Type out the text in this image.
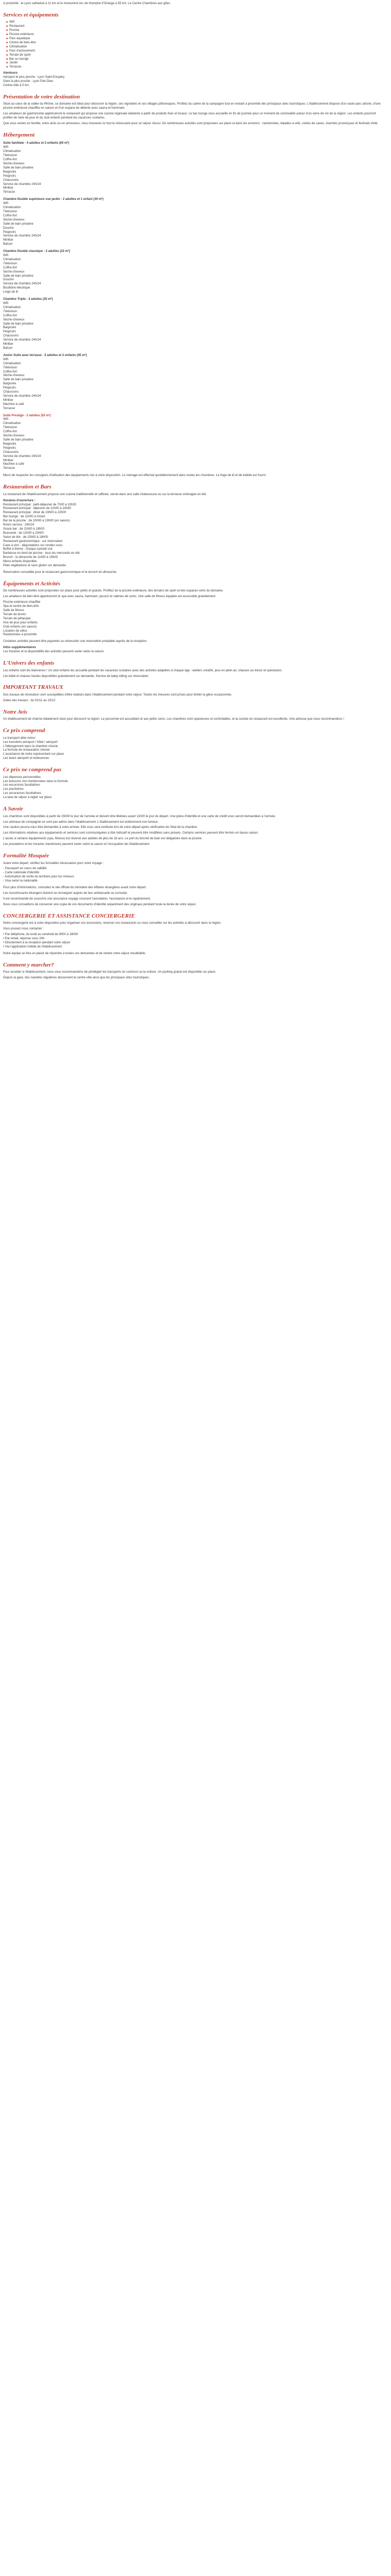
A proximité : le Lyon cathedral à 11 km et le monument Arc de triomphe d’Orange à 55 km. Le Centre Chambres aux gîtes
Services et équipements
■ Wifi
■ Restaurant
■ Piscine
■ Piscine extérieure
■ Parc aquatique
■ Centre de bien-être
■ Climatisation
■ Parc d'amusement
■ Terrain de sport
■ Bar ou lounge
■ Jardin
■ Terrasse
Alentours
Aéroport le plus proche : Lyon Saint-Exupéry
Gare la plus proche : Lyon Part-Dieu
Centre-ville à 5 km
Présentation de votre destination
Situé au cœur de la vallée du Rhône, ce domaine est idéal pour découvrir la région, ses vignobles et ses villages pittoresques. Profitez du calme de la campagne tout en restant à proximité des principaux sites touristiques. L'établissement dispose d'un vaste parc arboré, d'une piscine extérieure chauffée en saison et d'un espace de détente avec sauna et hammam.
Les amateurs de gastronomie apprécieront le restaurant qui propose une cuisine régionale élaborée à partir de produits frais et locaux. Le bar lounge vous accueille en fin de journée pour un moment de convivialité autour d'un verre de vin de la région. Les enfants pourront profiter de l'aire de jeux et du club enfants pendant les vacances scolaires.
Que vous veniez en famille, entre amis ou en amoureux, vous trouverez ici tout le nécessaire pour un séjour réussi. De nombreuses activités sont proposées sur place et dans les environs : randonnées, balades à vélo, visites de caves, marchés provençaux et festivals d'été.
Hébergement
Suite familiale - 4 adultes et 2 enfants (60 m²)
Wifi
Climatisation
Télévision
Coffre-fort
Sèche-cheveux
Salle de bain privative
Baignoire
Peignoirs
Chaussons
Service de chambre 24h/24
Minibar
Terrasse
Chambre Double supérieure vue jardin - 2 adultes et 1 enfant (30 m²)
Wifi
Climatisation
Télévision
Coffre-fort
Sèche-cheveux
Salle de bain privative
Douche
Peignoirs
Service de chambre 24h/24
Minibar
Balcon
Chambre Double classique - 2 adultes (22 m²)
Wifi
Climatisation
Télévision
Coffre-fort
Sèche-cheveux
Salle de bain privative
Douche
Service de chambre 24h/24
Bouilloire électrique
Linge de lit
Chambre Triple - 3 adultes (35 m²)
Wifi
Climatisation
Télévision
Coffre-fort
Sèche-cheveux
Salle de bain privative
Baignoire
Peignoirs
Chaussons
Service de chambre 24h/24
Minibar
Balcon
Junior Suite avec terrasse - 2 adultes et 2 enfants (45 m²)
Wifi
Climatisation
Télévision
Coffre-fort
Sèche-cheveux
Salle de bain privative
Baignoire
Peignoirs
Chaussons
Service de chambre 24h/24
Minibar
Machine à café
Terrasse
Suite Prestige - 2 adultes (55 m²)
Wifi
Climatisation
Télévision
Coffre-fort
Sèche-cheveux
Salle de bain privative
Baignoire
Peignoirs
Chaussons
Service de chambre 24h/24
Minibar
Machine à café
Terrasse
Merci de respecter les consignes d'utilisation des équipements mis à votre disposition. Le ménage est effectué quotidiennement dans toutes les chambres. Le linge de lit et de toilette est fourni.
Restauration et Bars
Le restaurant de l'établissement propose une cuisine traditionnelle et raffinée, servie dans une salle chaleureuse ou sur la terrasse ombragée en été.
Horaires d'ouverture :
Restaurant principal : petit-déjeuner de 7h00 à 10h30
Restaurant principal : déjeuner de 12h00 à 14h30
Restaurant principal : dîner de 19h00 à 22h00
Bar lounge : de 11h00 à minuit
Bar de la piscine : de 10h00 à 19h00 (en saison)
Room service : 24h/24
Snack bar : de 11h00 à 18h00
Brasserie : de 12h00 à 23h00
Salon de thé : de 15h00 à 18h00
Restaurant gastronomique : sur réservation
Cave à vins : dégustations sur rendez-vous
Buffet à thème : chaque samedi soir
Barbecue en bord de piscine : tous les mercredis en été
Brunch : le dimanche de 11h00 à 15h00
Menu enfants disponible
Plats végétariens et sans gluten sur demande
Réservation conseillée pour le restaurant gastronomique et le brunch du dimanche.
Équipements et Activités
De nombreuses activités sont proposées sur place pour petits et grands. Profitez de la piscine extérieure, des terrains de sport et des espaces verts du domaine.
Les amateurs de bien-être apprécieront le spa avec sauna, hammam, jacuzzi et cabines de soins. Une salle de fitness équipée est accessible gratuitement.
Piscine extérieure chauffée
Spa et centre de bien-être
Salle de fitness
Terrain de tennis
Terrain de pétanque
Aire de jeux pour enfants
Club enfants (en saison)
Location de vélos
Randonnées à proximité
Certaines activités peuvent être payantes ou nécessiter une réservation préalable auprès de la réception.
Infos supplémentaires
Les horaires et la disponibilité des activités peuvent varier selon la saison.
L'Univers des enfants
Les enfants sont les bienvenus ! Un club enfants les accueille pendant les vacances scolaires avec des activités adaptées à chaque âge : ateliers créatifs, jeux en plein air, chasses au trésor et spectacles.
Lits bébé et chaises hautes disponibles gratuitement sur demande. Service de baby-sitting sur réservation.
IMPORTANT TRAVAUX
Des travaux de rénovation sont susceptibles d'être réalisés dans l'établissement pendant votre séjour. Toutes les mesures sont prises pour limiter la gêne occasionnée.
Dates des travaux : du 01/11 au 15/12
Notre Avis
Un établissement de charme idéalement situé pour découvrir la région. Le personnel est accueillant et aux petits soins. Les chambres sont spacieuses et confortables, et la cuisine du restaurant est excellente. Une adresse que nous recommandons !
Ce prix comprend
Le transport aller-retour
Les transferts aéroport / hôtel / aéroport
L'hébergement dans la chambre choisie
La formule de restauration choisie
L'assistance de notre représentant sur place
Les taxes aéroport et redevances
Ce prix ne comprend pas
Les dépenses personnelles
Les boissons non mentionnées dans la formule
Les excursions facultatives
Les pourboires
Les assurances facultatives
La taxe de séjour à régler sur place
A Savoir
Les chambres sont disponibles à partir de 15h00 le jour de l'arrivée et doivent être libérées avant 11h00 le jour du départ. Une pièce d'identité et une carte de crédit vous seront demandées à l'arrivée.
Les animaux de compagnie ne sont pas admis dans l'établissement. L'établissement est entièrement non-fumeur.
Une caution pourra vous être demandée à votre arrivée. Elle vous sera restituée lors de votre départ après vérification de l'état de la chambre.
Les informations relatives aux équipements et services sont communiquées à titre indicatif et peuvent être modifiées sans préavis. Certains services peuvent être fermés en basse saison.
L'accès à certains équipements (spa, fitness) est réservé aux adultes de plus de 16 ans. Le port du bonnet de bain est obligatoire dans la piscine.
Les prestations et les horaires mentionnés peuvent varier selon la saison et l'occupation de l'établissement.
Formalité Mosquée
Avant votre départ, vérifiez les formalités nécessaires pour votre voyage :
- Passeport en cours de validité
- Carte nationale d'identité
- Autorisation de sortie du territoire pour les mineurs
- Visa selon la nationalité
Pour plus d'informations, consultez le site officiel du ministère des Affaires étrangères avant votre départ.
Les ressortissants étrangers doivent se renseigner auprès de leur ambassade ou consulat.
Il est recommandé de souscrire une assurance voyage couvrant l'annulation, l'assistance et le rapatriement.
Nous vous conseillons de conserver une copie de vos documents d'identité séparément des originaux pendant toute la durée de votre séjour.
CONCIERGERIE ET ASSISTANCE CONCIERGERIE
Notre conciergerie est à votre disposition pour organiser vos excursions, réserver vos restaurants ou vous conseiller sur les activités à découvrir dans la région.
Vous pouvez nous contacter :
• Par téléphone, du lundi au vendredi de 9h00 à 18h00
• Par email, réponse sous 24h
• Directement à la réception pendant votre séjour
• Via l'application mobile de l'établissement
Notre équipe se fera un plaisir de répondre à toutes vos demandes et de rendre votre séjour inoubliable.
Comment y marcher?
Pour accéder à l'établissement, nous vous recommandons de privilégier les transports en commun ou la voiture. Un parking gratuit est disponible sur place.
Depuis la gare, des navettes régulières desservent le centre-ville ainsi que les principaux sites touristiques.
